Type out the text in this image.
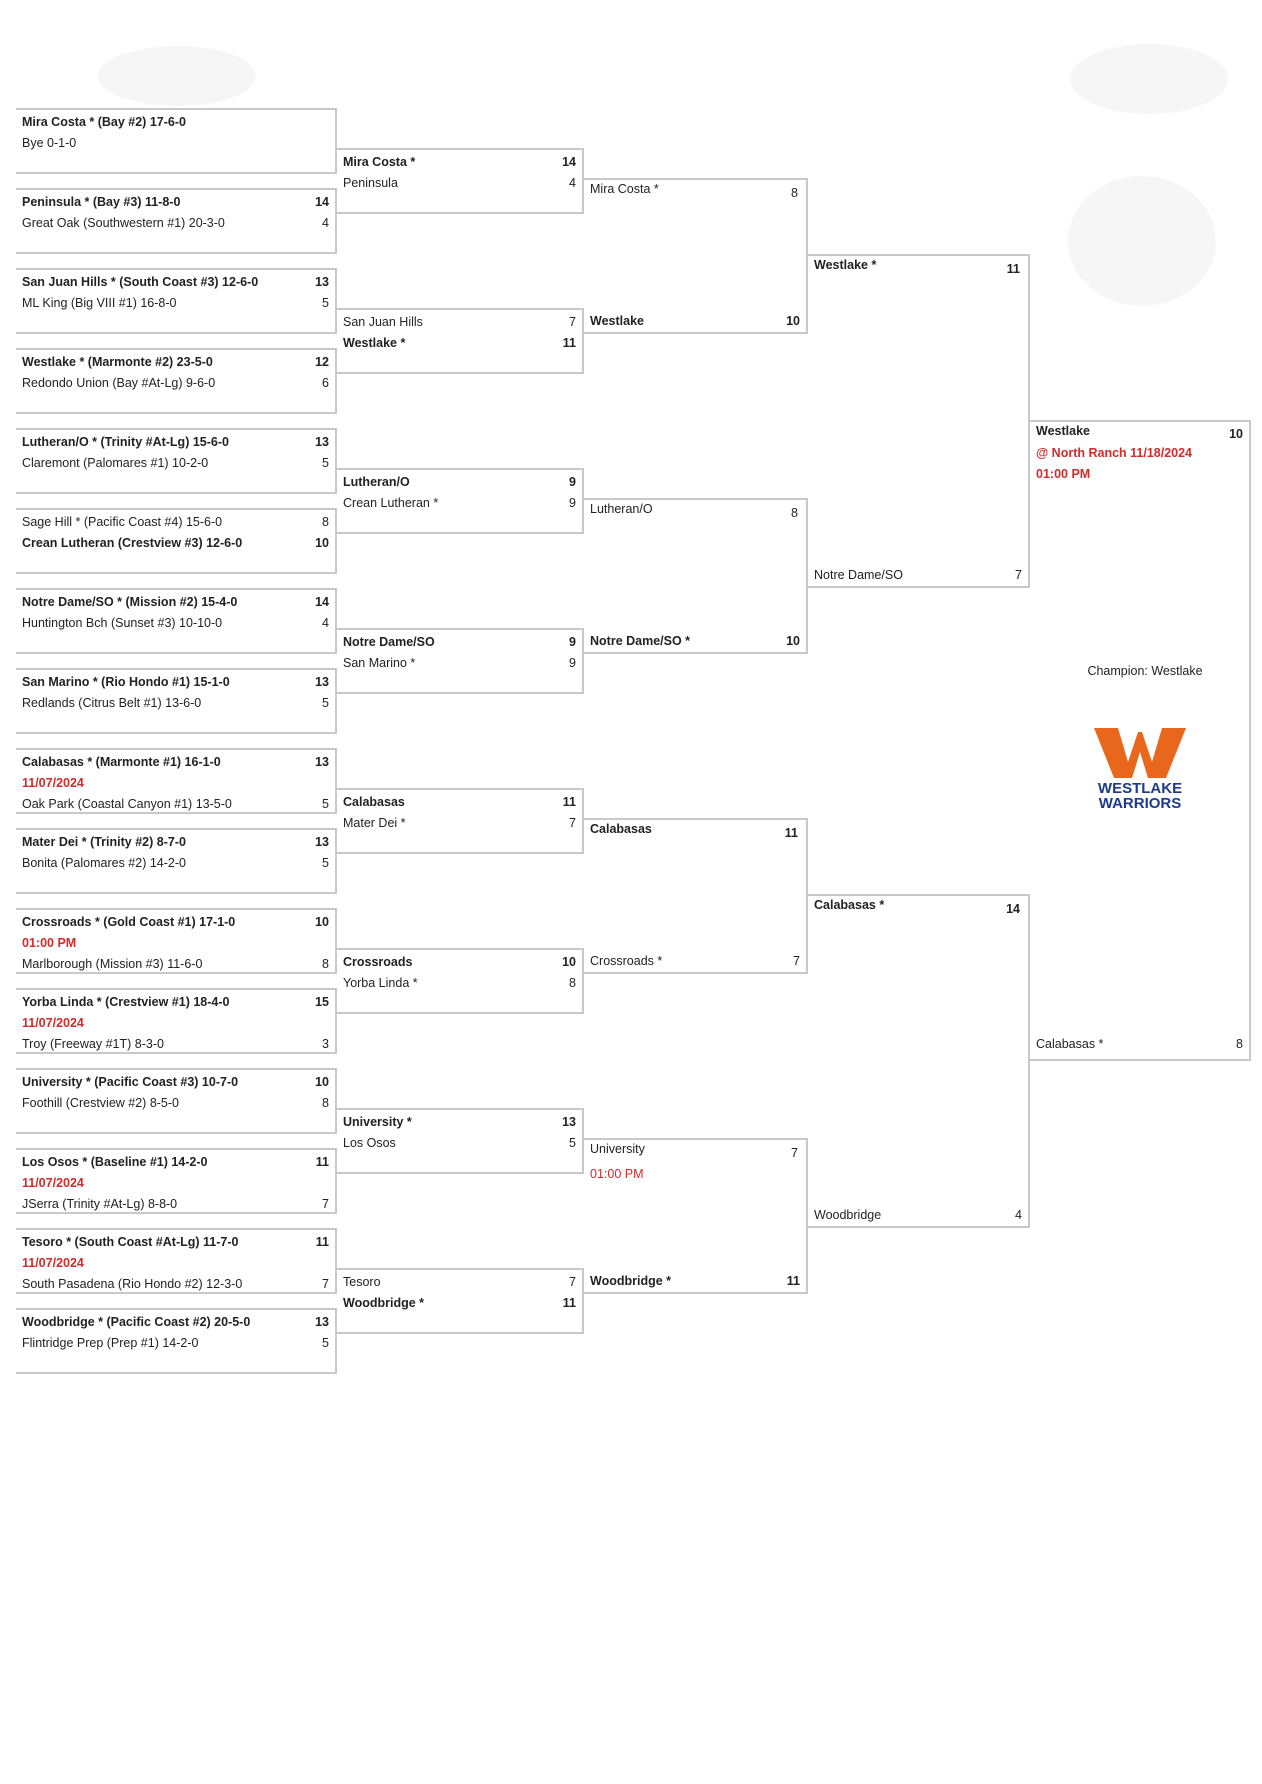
Mira Costa * (Bay #2) 17-6-0
Bye 0-1-0
Peninsula * (Bay #3) 11-8-0	14
Great Oak (Southwestern #1) 20-3-0	4
San Juan Hills * (South Coast #3) 12-6-0	13
ML King (Big VIII #1) 16-8-0	5
Westlake * (Marmonte #2) 23-5-0	12
Redondo Union (Bay #At-Lg) 9-6-0	6
Lutheran/O * (Trinity #At-Lg) 15-6-0	13
Claremont (Palomares #1) 10-2-0	5
Sage Hill * (Pacific Coast #4) 15-6-0	8
Crean Lutheran (Crestview #3) 12-6-0	10
Notre Dame/SO * (Mission #2) 15-4-0	14
Huntington Bch (Sunset #3) 10-10-0	4
San Marino * (Rio Hondo #1) 15-1-0	13
Redlands (Citrus Belt #1) 13-6-0	5
Calabasas * (Marmonte #1) 16-1-0	13
11/07/2024
Oak Park (Coastal Canyon #1) 13-5-0	5
Mater Dei * (Trinity #2) 8-7-0	13
Bonita (Palomares #2) 14-2-0	5
Crossroads * (Gold Coast #1) 17-1-0	10
01:00 PM
Marlborough (Mission #3) 11-6-0	8
Yorba Linda * (Crestview #1) 18-4-0	15
11/07/2024
Troy (Freeway #1T) 8-3-0	3
University * (Pacific Coast #3) 10-7-0	10
Foothill (Crestview #2) 8-5-0	8
Los Osos * (Baseline #1) 14-2-0	11
11/07/2024
JSerra (Trinity #At-Lg) 8-8-0	7
Tesoro * (South Coast #At-Lg) 11-7-0	11
11/07/2024
South Pasadena (Rio Hondo #2) 12-3-0	7
Woodbridge * (Pacific Coast #2) 20-5-0	13
Flintridge Prep (Prep #1) 14-2-0	5
Mira Costa *	14
Peninsula	4
San Juan Hills	7
Westlake *	11
Lutheran/O	9
Crean Lutheran *	9
Notre Dame/SO	9
San Marino *	9
Calabasas	11
Mater Dei *	7
Crossroads	10
Yorba Linda *	8
University *	13
Los Osos	5
Tesoro	7
Woodbridge *	11
Mira Costa *	8
Westlake	10
Lutheran/O	8
Notre Dame/SO *	10
Calabasas	11
Crossroads *	7
University	7
01:00 PM
Woodbridge *	11
Westlake *	11
Notre Dame/SO	7
Calabasas *	14
Woodbridge	4
Westlake	10
@ North Ranch 11/18/2024
01:00 PM
Calabasas *	8
Champion: Westlake
WESTLAKE
WARRIORS
